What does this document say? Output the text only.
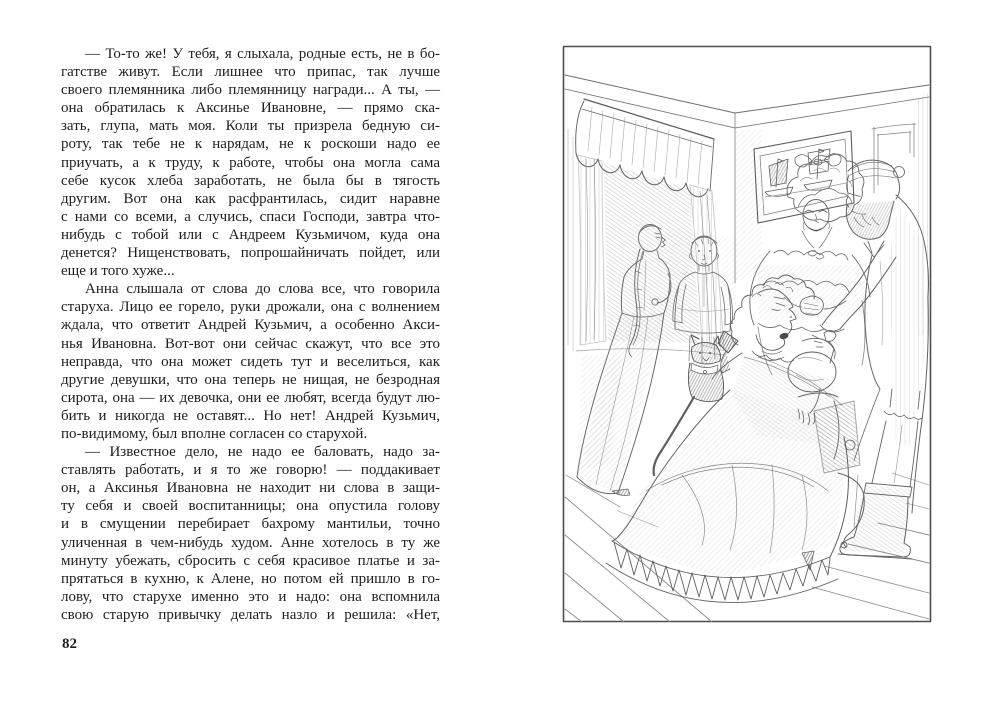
— То-то же! У тебя, я слыхала, родные есть, не в бо-
гатстве живут. Если лишнее что припас, так лучше
своего племянника либо племянницу награди... А ты, —
она обратилась к Аксинье Ивановне, — прямо ска-
зать, глупа, мать моя. Коли ты призрела бедную си-
роту, так тебе не к нарядам, не к роскоши надо ее
приучать, а к труду, к работе, чтобы она могла сама
себе кусок хлеба заработать, не была бы в тягость
другим. Вот она как расфрантилась, сидит наравне
с нами со всеми, а случись, спаси Господи, завтра что-
нибудь с тобой или с Андреем Кузьмичом, куда она
денется? Нищенствовать, попрошайничать пойдет, или
еще и того хуже...
Анна слышала от слова до слова все, что говорила
старуха. Лицо ее горело, руки дрожали, она с волнением
ждала, что ответит Андрей Кузьмич, а особенно Акси-
нья Ивановна. Вот-вот они сейчас скажут, что все это
неправда, что она может сидеть тут и веселиться, как
другие девушки, что она теперь не нищая, не безродная
сирота, она — их девочка, они ее любят, всегда будут лю-
бить и никогда не оставят... Но нет! Андрей Кузьмич,
по-видимому, был вполне согласен со старухой.
— Известное дело, не надо ее баловать, надо за-
ставлять работать, и я то же говорю! — поддакивает
он, а Аксинья Ивановна не находит ни слова в защи-
ту себя и своей воспитанницы; она опустила голову
и в смущении перебирает бахрому мантильи, точно
уличенная в чем-нибудь худом. Анне хотелось в ту же
минуту убежать, сбросить с себя красивое платье и за-
прятаться в кухню, к Алене, но потом ей пришло в го-
лову, что старухе именно это и надо: она вспомнила
свою старую привычку делать назло и решила: «Нет,
82
